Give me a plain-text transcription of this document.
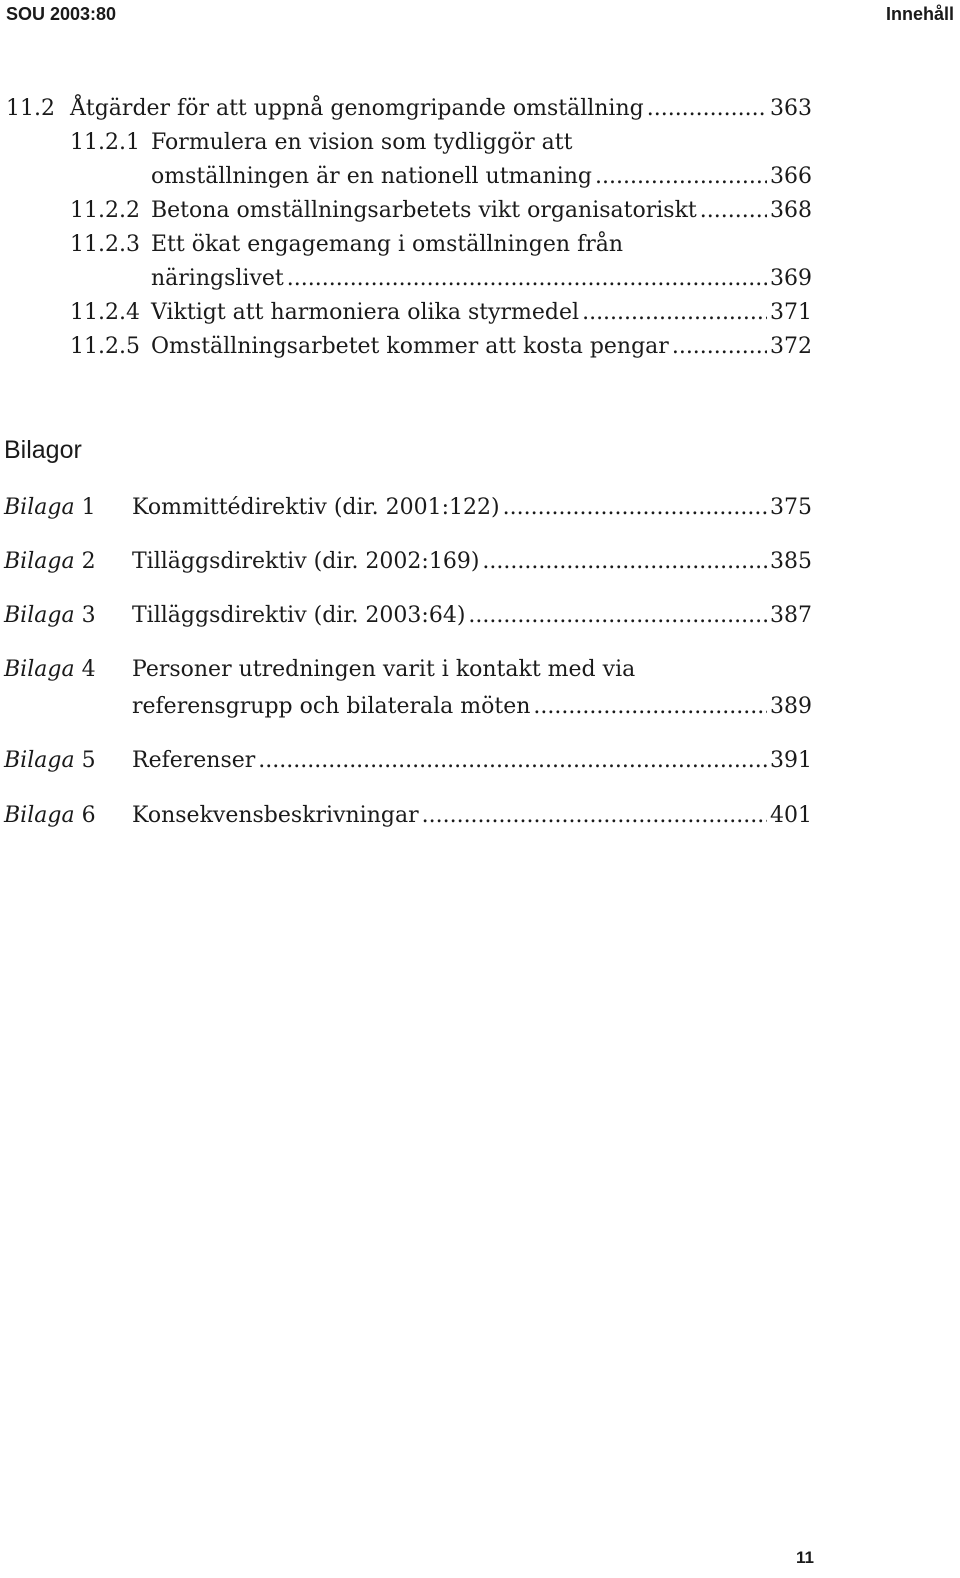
SOU 2003:80	Innehåll
11.2 Åtgärder för att uppnå genomgripande omställning .....	363
11.2.1 Formulera en vision som tydliggör att
omställningen är en nationell utmaning .....	366
11.2.2 Betona omställningsarbetets vikt organisatoriskt .....	368
11.2.3 Ett ökat engagemang i omställningen från
näringslivet .....	369
11.2.4 Viktigt att harmoniera olika styrmedel .....	371
11.2.5 Omställningsarbetet kommer att kosta pengar .....	372
Bilagor
Bilaga 1	Kommittédirektiv (dir. 2001:122) .....	375
Bilaga 2	Tilläggsdirektiv (dir. 2002:169) .....	385
Bilaga 3	Tilläggsdirektiv (dir. 2003:64) .....	387
Bilaga 4	Personer utredningen varit i kontakt med via
referensgrupp och bilaterala möten .....	389
Bilaga 5	Referenser .....	391
Bilaga 6	Konsekvensbeskrivningar .....	401
11
